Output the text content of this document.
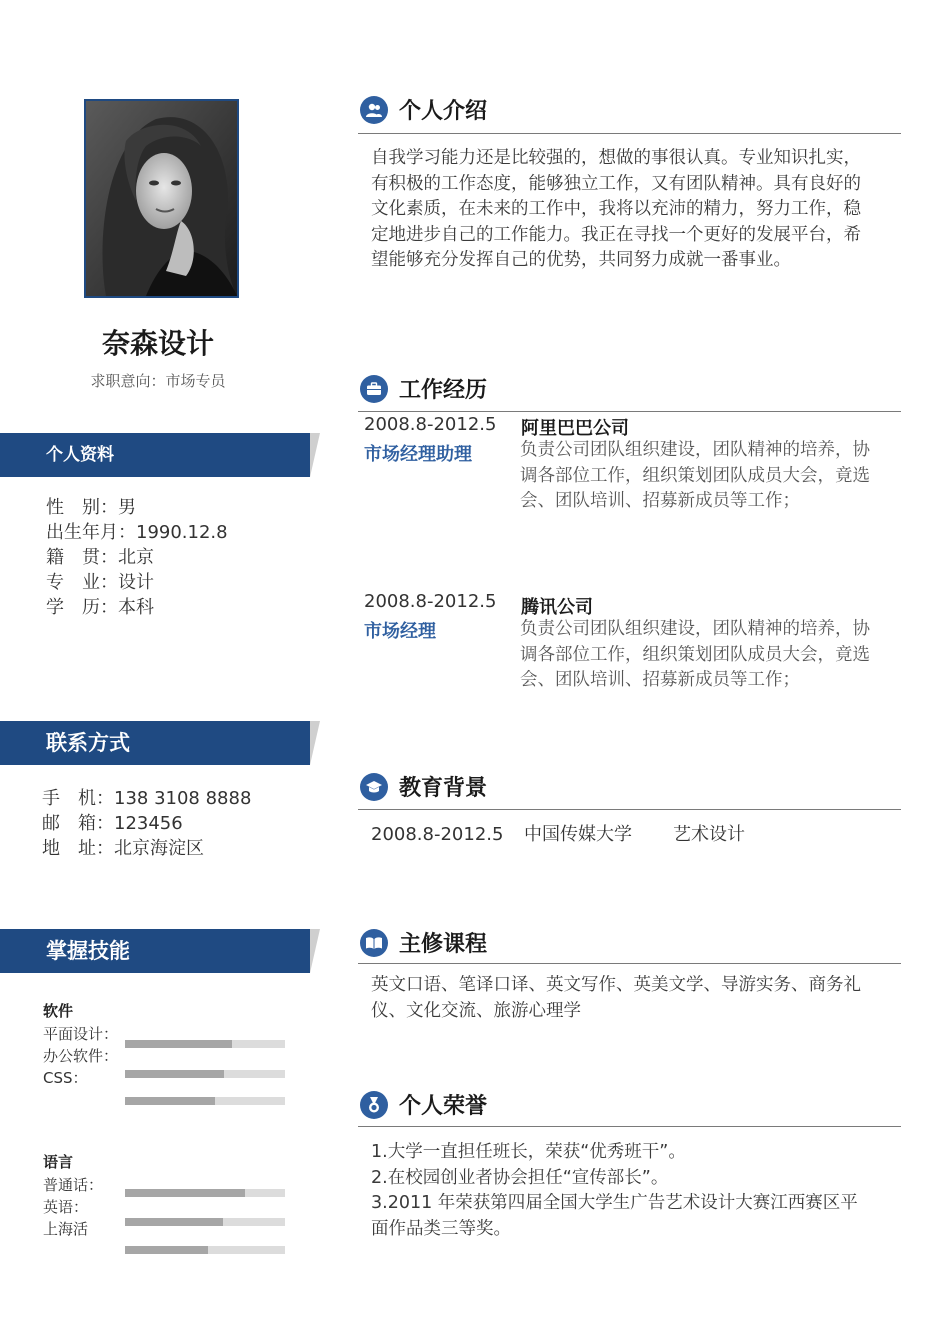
奈森设计
求职意向：市场专员
个人资料
性　别：男
出生年月：1990.12.8
籍　贯：北京
专　业：设计
学　历：本科
联系方式
手　机：138 3108 8888
邮　箱：123456
地　址：北京海淀区
掌握技能
软件
平面设计：
办公软件：
CSS：
语言
普通话：
英语：
上海活
个人介绍
自我学习能力还是比较强的，想做的事很认真。专业知识扎实，
有积极的工作态度，能够独立工作，又有团队精神。具有良好的
文化素质，在未来的工作中，我将以充沛的精力，努力工作，稳
定地进步自己的工作能力。我正在寻找一个更好的发展平台，希
望能够充分发挥自己的优势，共同努力成就一番事业。
工作经历
2008.8-2012.5
市场经理助理
阿里巴巴公司
负责公司团队组织建设，团队精神的培养，协
调各部位工作，组织策划团队成员大会，竟选
会、团队培训、招募新成员等工作；
2008.8-2012.5
市场经理
腾讯公司
负责公司团队组织建设，团队精神的培养，协
调各部位工作，组织策划团队成员大会，竟选
会、团队培训、招募新成员等工作；
教育背景
2008.8-2012.5 中国传媒大学 艺术设计
主修课程
英文口语、笔译口译、英文写作、英美文学、导游实务、商务礼
仪、文化交流、旅游心理学
个人荣誉
1.大学一直担任班长，荣获“优秀班干”。
2.在校园创业者协会担任“宣传部长”。
3.2011 年荣获第四届全国大学生广告艺术设计大赛江西赛区平
面作品类三等奖。
